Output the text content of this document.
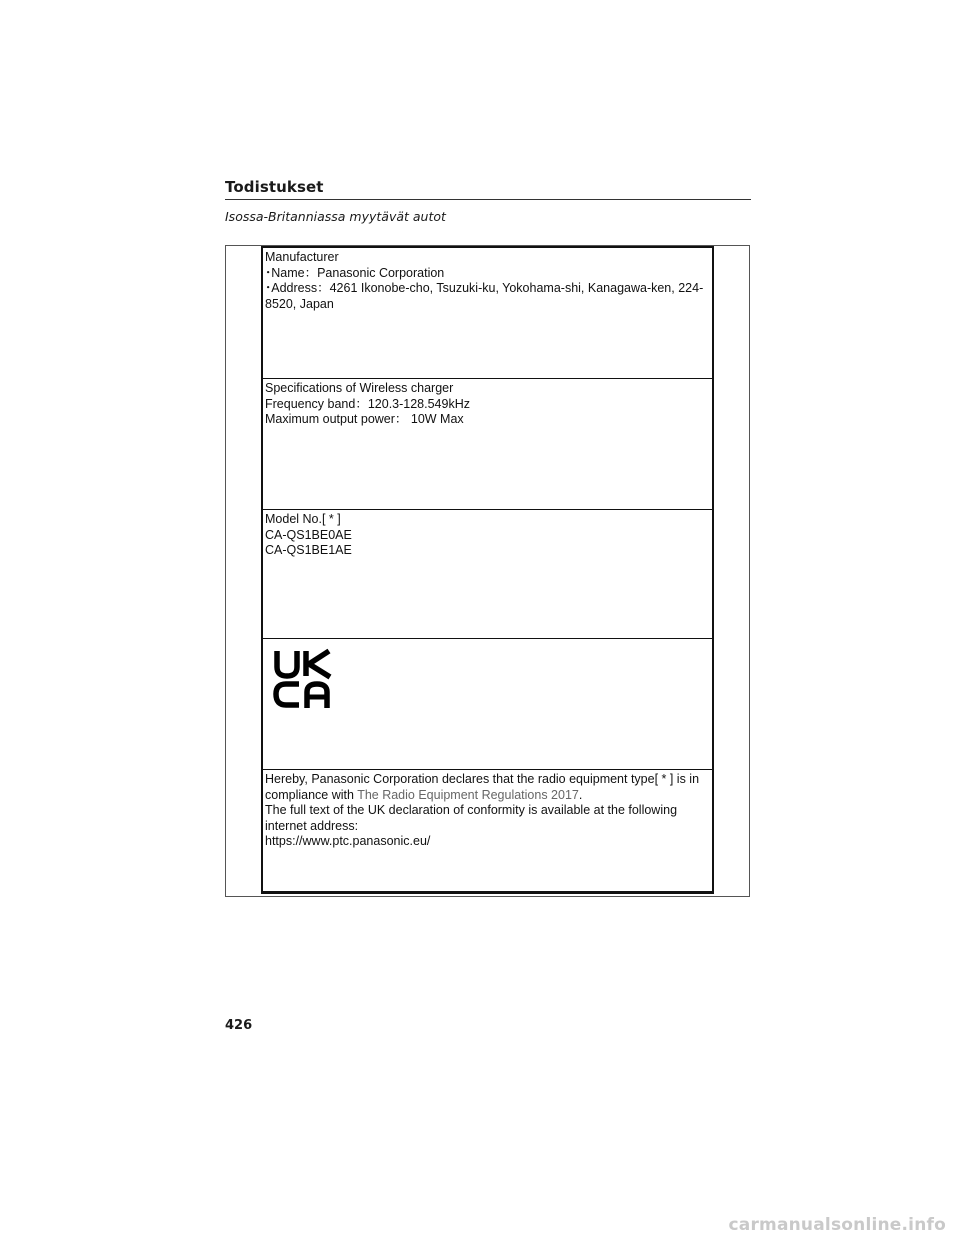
Todistukset

Isossa-Britanniassa myytävät autot

Manufacturer
･Name：Panasonic Corporation
･Address：4261 Ikonobe-cho, Tsuzuki-ku, Yokohama-shi, Kanagawa-ken, 224-
8520, Japan
Specifications of Wireless charger
Frequency band：120.3-128.549kHz
Maximum output power： 10W Max
Model No.[ * ]
CA-QS1BE0AE
CA-QS1BE1AE
Hereby, Panasonic Corporation declares that the radio equipment type[ * ] is in
compliance with The Radio Equipment Regulations 2017.
The full text of the UK declaration of conformity is available at the following
internet address:
https://www.ptc.panasonic.eu/

426

carmanualsonline.info
